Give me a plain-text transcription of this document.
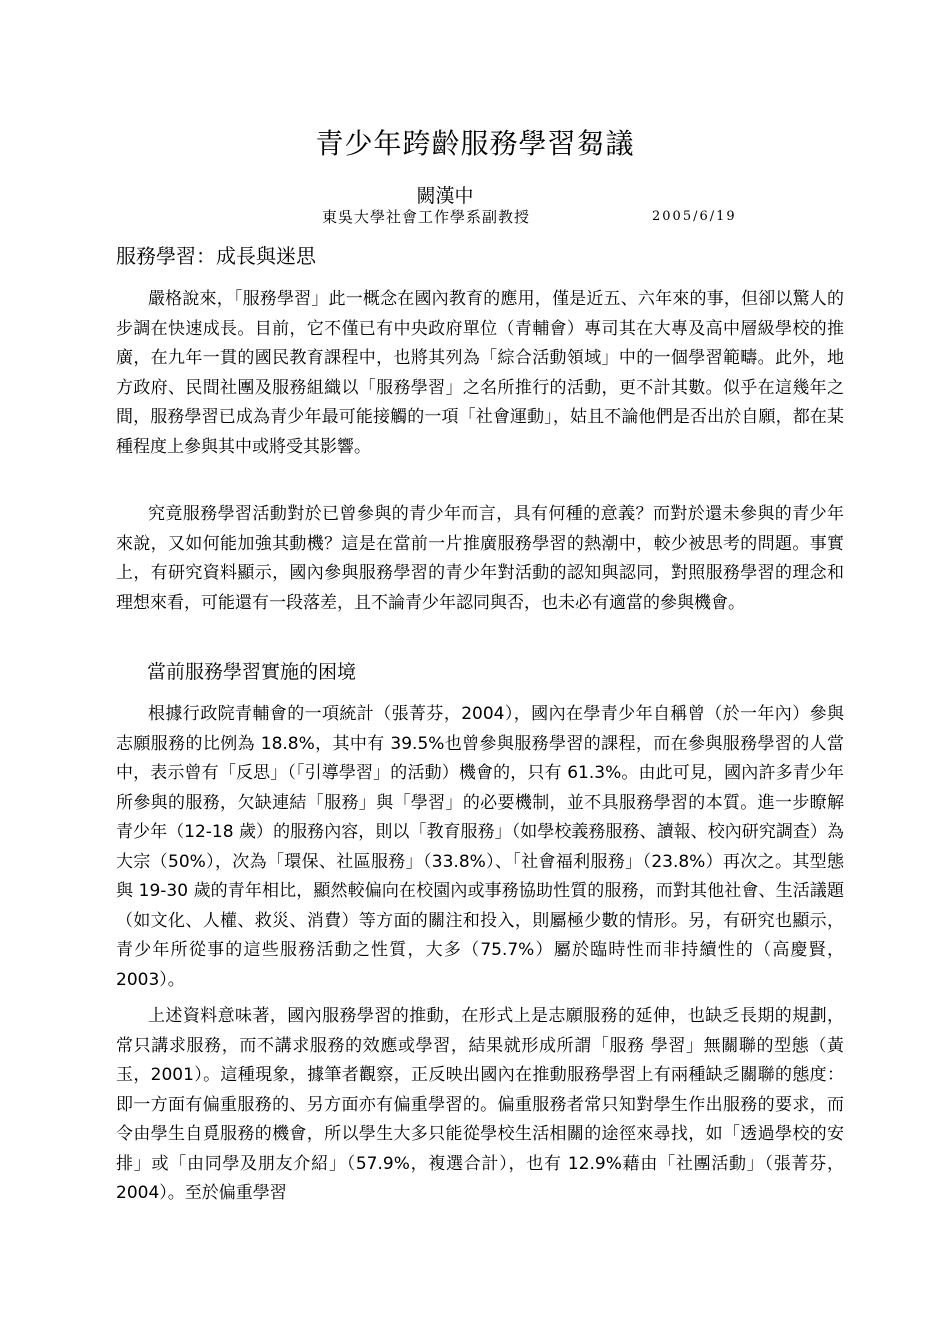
青少年跨齡服務學習芻議
闕漢中
東吳大學社會工作學系副教授	2005/6/19
服務學習：成長與迷思

嚴格說來，「服務學習」此一概念在國內教育的應用，僅是近五、六年來的事，但卻以驚人的步調在快速成長。目前，它不僅已有中央政府單位（青輔會）專司其在大專及高中層級學校的推廣，在九年一貫的國民教育課程中，也將其列為「綜合活動領域」中的一個學習範疇。此外，地方政府、民間社團及服務組織以「服務學習」之名所推行的活動，更不計其數。似乎在這幾年之間，服務學習已成為青少年最可能接觸的一項「社會運動」，姑且不論他們是否出於自願，都在某種程度上參與其中或將受其影響。

究竟服務學習活動對於已曾參與的青少年而言，具有何種的意義？而對於還未參與的青少年來說，又如何能加強其動機？這是在當前一片推廣服務學習的熱潮中，較少被思考的問題。事實上，有研究資料顯示，國內參與服務學習的青少年對活動的認知與認同，對照服務學習的理念和理想來看，可能還有一段落差，且不論青少年認同與否，也未必有適當的參與機會。

當前服務學習實施的困境

根據行政院青輔會的一項統計（張菁芬，2004），國內在學青少年自稱曾（於一年內）參與志願服務的比例為 18.8%，其中有 39.5%也曾參與服務學習的課程，而在參與服務學習的人當中，表示曾有「反思」（「引導學習」的活動）機會的，只有 61.3%。由此可見，國內許多青少年所參與的服務，欠缺連結「服務」與「學習」的必要機制，並不具服務學習的本質。進一步瞭解青少年（12-18 歲）的服務內容，則以「教育服務」（如學校義務服務、讀報、校內研究調查）為大宗（50%），次為「環保、社區服務」（33.8%）、「社會福利服務」（23.8%）再次之。其型態與 19-30 歲的青年相比，顯然較偏向在校園內或事務協助性質的服務，而對其他社會、生活議題（如文化、人權、救災、消費）等方面的關注和投入，則屬極少數的情形。另，有研究也顯示，青少年所從事的這些服務活動之性質，大多（75.7%）屬於臨時性而非持續性的（高慶賢，2003）。

上述資料意味著，國內服務學習的推動，在形式上是志願服務的延伸，也缺乏長期的規劃，常只講求服務，而不講求服務的效應或學習，結果就形成所謂「服務 學習」無關聯的型態（黃玉，2001）。這種現象，據筆者觀察，正反映出國內在推動服務學習上有兩種缺乏關聯的態度：即一方面有偏重服務的、另方面亦有偏重學習的。偏重服務者常只知對學生作出服務的要求，而令由學生自覓服務的機會，所以學生大多只能從學校生活相關的途徑來尋找，如「透過學校的安排」或「由同學及朋友介紹」（57.9%，複選合計），也有 12.9%藉由「社團活動」（張菁芬，2004）。至於偏重學習
